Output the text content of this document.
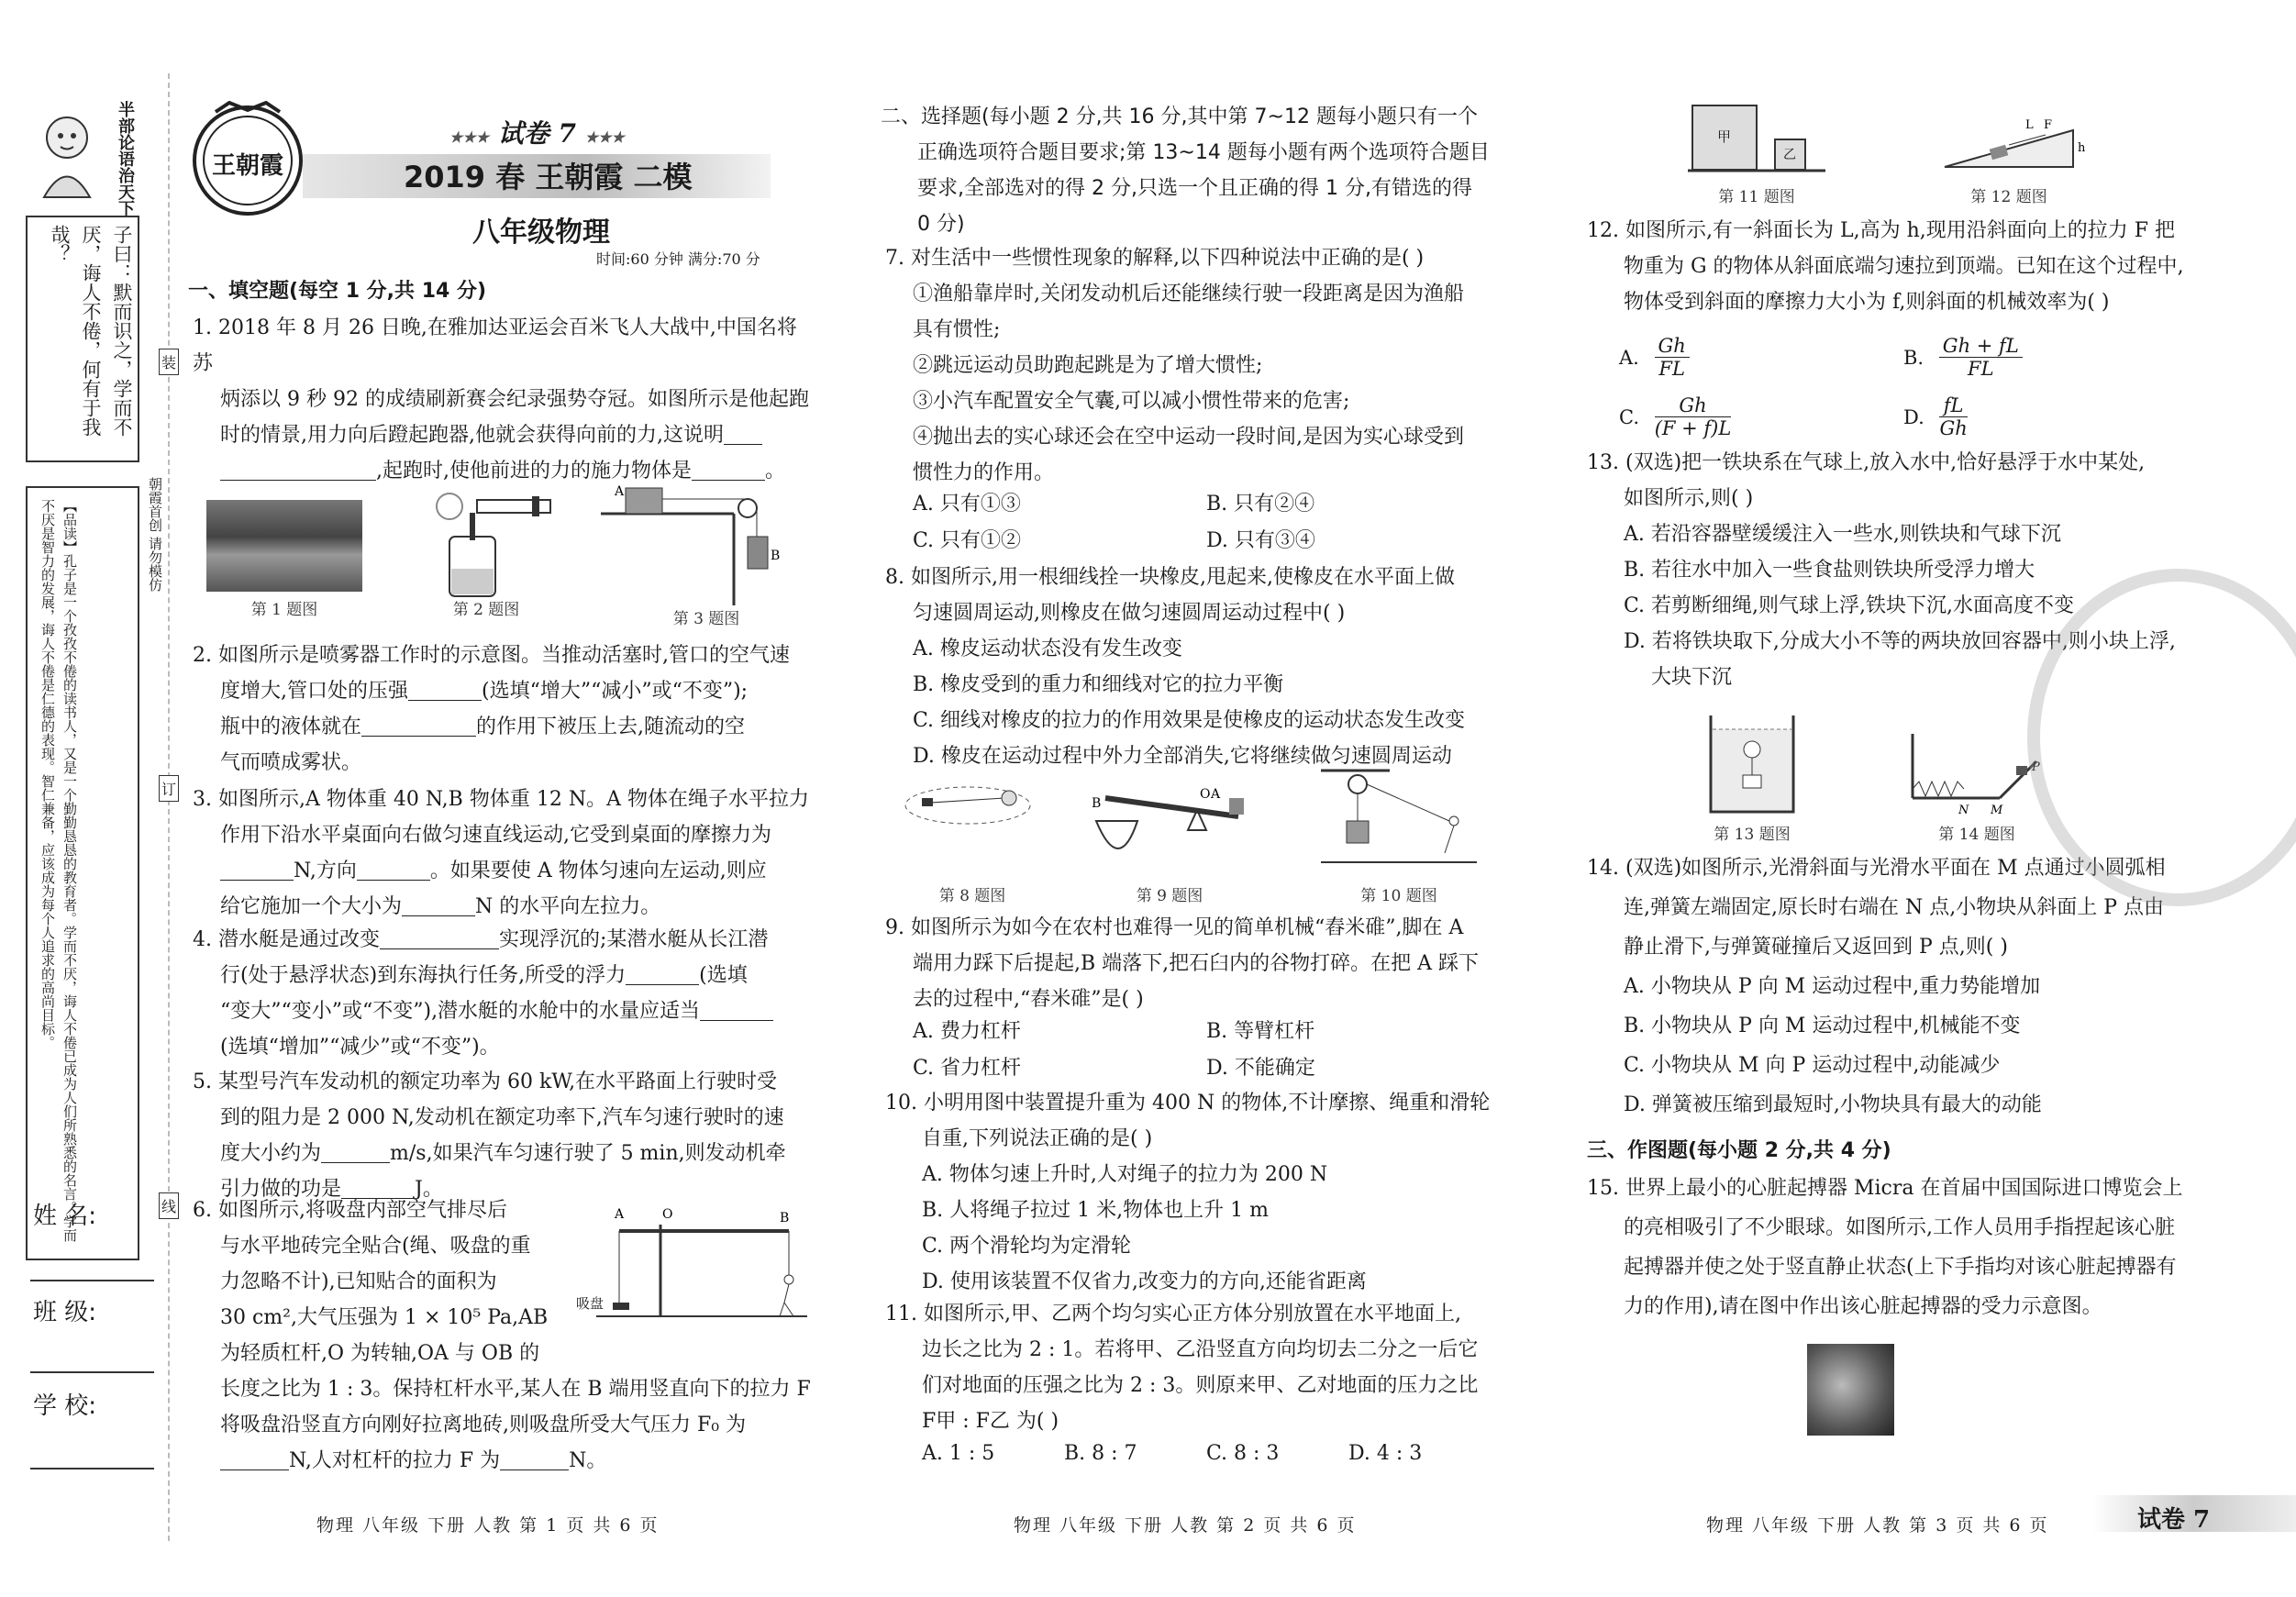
半部论语治天下
子曰：默而识之，学而不厌，诲人不倦，何有于我哉？
【品读】孔子是一个孜孜不倦的读书人，又是一个勤勤恳恳的教育者。学而不厌，诲人不倦已成为人们所熟悉的名言。学而不厌是智力的发展，诲人不倦是仁德的表现。智仁兼备，应该成为每个人追求的高尚目标。
姓 名:
班 级:
学 校:
朝霞首创 请勿模仿
装
订
线
王朝霞
★★★ 试卷 7 ★★★
2019 春 王朝霞 二模
八年级物理
时间:60 分钟 满分:70 分
一、填空题(每空 1 分,共 14 分)
1. 2018 年 8 月 26 日晚,在雅加达亚运会百米飞人大战中,中国名将苏
炳添以 9 秒 92 的成绩刷新赛会纪录强势夺冠。如图所示是他起跑
时的情景,用力向后蹬起跑器,他就会获得向前的力,这说明
,起跑时,使他前进的力的施力物体是	。
第 1 题图	第 2 题图
A
B
第 3 题图
2. 如图所示是喷雾器工作时的示意图。当推动活塞时,管口的空气速
度增大,管口处的压强	(选填“增大”“减小”或“不变”);
瓶中的液体就在	的作用下被压上去,随流动的空
气而喷成雾状。
3. 如图所示,A 物体重 40 N,B 物体重 12 N。A 物体在绳子水平拉力
作用下沿水平桌面向右做匀速直线运动,它受到桌面的摩擦力为
N,方向	。如果要使 A 物体匀速向左运动,则应
给它施加一个大小为	N 的水平向左拉力。
4. 潜水艇是通过改变	实现浮沉的;某潜水艇从长江潜
行(处于悬浮状态)到东海执行任务,所受的浮力	(选填
“变大”“变小”或“不变”),潜水艇的水舱中的水量应适当
(选填“增加”“减少”或“不变”)。
5. 某型号汽车发动机的额定功率为 60 kW,在水平路面上行驶时受
到的阻力是 2 000 N,发动机在额定功率下,汽车匀速行驶时的速
度大小约为	m/s,如果汽车匀速行驶了 5 min,则发动机牵
引力做的功是	J。
6. 如图所示,将吸盘内部空气排尽后
与水平地砖完全贴合(绳、吸盘的重
力忽略不计),已知贴合的面积为
30 cm²,大气压强为 1 × 10⁵ Pa,AB
为轻质杠杆,O 为转轴,OA 与 OB 的
长度之比为 1 : 3。保持杠杆水平,某人在 B 端用竖直向下的拉力 F
将吸盘沿竖直方向刚好拉离地砖,则吸盘所受大气压力 F₀ 为
N,人对杠杆的拉力 F 为	N。
A	O	B
吸盘
二、选择题(每小题 2 分,共 16 分,其中第 7~12 题每小题只有一个
正确选项符合题目要求;第 13~14 题每小题有两个选项符合题目
要求,全部选对的得 2 分,只选一个且正确的得 1 分,有错选的得
0 分)
7. 对生活中一些惯性现象的解释,以下四种说法中正确的是( )
①渔船靠岸时,关闭发动机后还能继续行驶一段距离是因为渔船
具有惯性;
②跳远运动员助跑起跳是为了增大惯性;
③小汽车配置安全气囊,可以减小惯性带来的危害;
④抛出去的实心球还会在空中运动一段时间,是因为实心球受到
惯性力的作用。
A. 只有①③	B. 只有②④
C. 只有①②	D. 只有③④
8. 如图所示,用一根细线拴一块橡皮,甩起来,使橡皮在水平面上做
匀速圆周运动,则橡皮在做匀速圆周运动过程中( )
A. 橡皮运动状态没有发生改变
B. 橡皮受到的重力和细线对它的拉力平衡
C. 细线对橡皮的拉力的作用效果是使橡皮的运动状态发生改变
D. 橡皮在运动过程中外力全部消失,它将继续做匀速圆周运动
第 8 题图
B
O A
第 9 题图	第 10 题图
9. 如图所示为如今在农村也难得一见的简单机械“舂米碓”,脚在 A
端用力踩下后提起,B 端落下,把石臼内的谷物打碎。在把 A 踩下
去的过程中,“舂米碓”是( )
A. 费力杠杆	B. 等臂杠杆
C. 省力杠杆	D. 不能确定
10. 小明用图中装置提升重为 400 N 的物体,不计摩擦、绳重和滑轮
自重,下列说法正确的是( )
A. 物体匀速上升时,人对绳子的拉力为 200 N
B. 人将绳子拉过 1 米,物体也上升 1 m
C. 两个滑轮均为定滑轮
D. 使用该装置不仅省力,改变力的方向,还能省距离
11. 如图所示,甲、乙两个均匀实心正方体分别放置在水平地面上,
边长之比为 2 : 1。若将甲、乙沿竖直方向均切去二分之一后它
们对地面的压强之比为 2 : 3。则原来甲、乙对地面的压力之比
F甲 : F乙 为( )
A. 1 : 5	B. 8 : 7	C. 8 : 3	D. 4 : 3
甲
乙
第 11 题图
h
F
L
第 12 题图
12. 如图所示,有一斜面长为 L,高为 h,现用沿斜面向上的拉力 F 把
物重为 G 的物体从斜面底端匀速拉到顶端。已知在这个过程中,
物体受到斜面的摩擦力大小为 f,则斜面的机械效率为( )
A. $\frac{Gh}{FL}$	B. $\frac{Gh + fL}{FL}$
C. $\frac{Gh}{(F + f)L}$	D. $\frac{fL}{Gh}$
13. (双选)把一铁块系在气球上,放入水中,恰好悬浮于水中某处,
如图所示,则( )
A. 若沿容器壁缓缓注入一些水,则铁块和气球下沉
B. 若往水中加入一些食盐则铁块所受浮力增大
C. 若剪断细绳,则气球上浮,铁块下沉,水面高度不变
D. 若将铁块取下,分成大小不等的两块放回容器中,则小块上浮,
大块下沉
第 13 题图
P
N M
第 14 题图
14. (双选)如图所示,光滑斜面与光滑水平面在 M 点通过小圆弧相
连,弹簧左端固定,原长时右端在 N 点,小物块从斜面上 P 点由
静止滑下,与弹簧碰撞后又返回到 P 点,则( )
A. 小物块从 P 向 M 运动过程中,重力势能增加
B. 小物块从 P 向 M 运动过程中,机械能不变
C. 小物块从 M 向 P 运动过程中,动能减少
D. 弹簧被压缩到最短时,小物块具有最大的动能
三、作图题(每小题 2 分,共 4 分)
15. 世界上最小的心脏起搏器 Micra 在首届中国国际进口博览会上
的亮相吸引了不少眼球。如图所示,工作人员用手指捏起该心脏
起搏器并使之处于竖直静止状态(上下手指均对该心脏起搏器有
力的作用),请在图中作出该心脏起搏器的受力示意图。
物理 八年级 下册 人教 第 1 页 共 6 页	物理 八年级 下册 人教 第 2 页 共 6 页	物理 八年级 下册 人教 第 3 页 共 6 页	试卷 7
